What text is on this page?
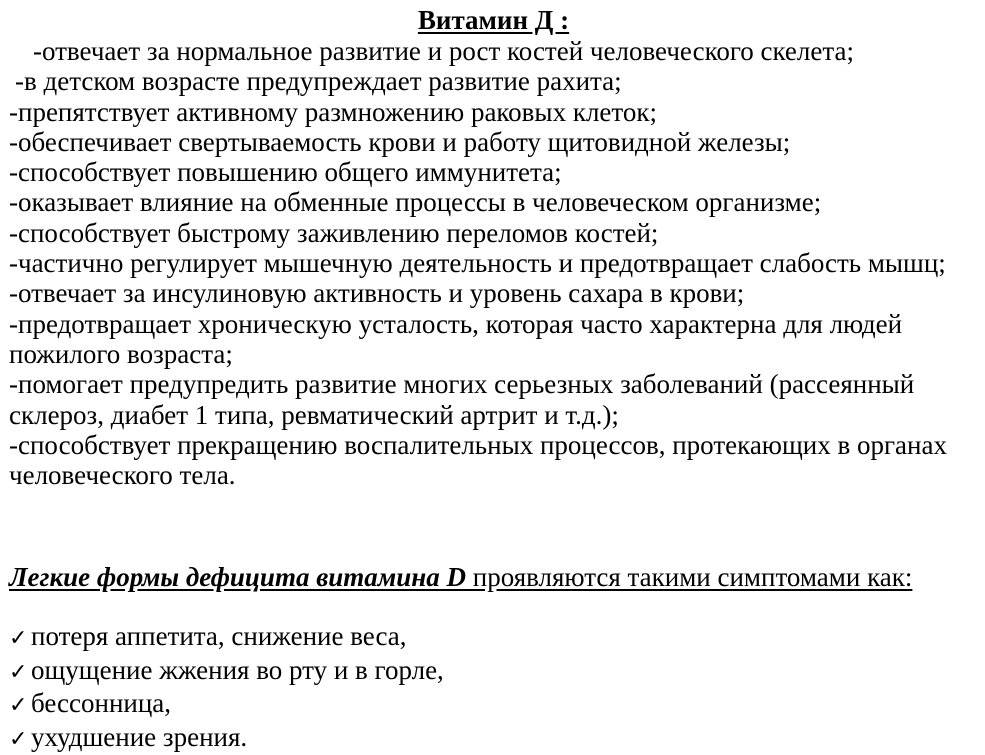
Витамин Д :
-отвечает за нормальное развитие и рост костей человеческого скелета;
-в детском возрасте предупреждает развитие рахита;
-препятствует активному размножению раковых клеток;
-обеспечивает свертываемость крови и работу щитовидной железы;
-способствует повышению общего иммунитета;
-оказывает влияние на обменные процессы в человеческом организме;
-способствует быстрому заживлению переломов костей;
-частично регулирует мышечную деятельность и предотвращает слабость мышц;
-отвечает за инсулиновую активность и уровень сахара в крови;
-предотвращает хроническую усталость, которая часто характерна для людей пожилого возраста;
-помогает предупредить развитие многих серьезных заболеваний (рассеянный склероз, диабет 1 типа, ревматический артрит и т.д.);
-способствует прекращению воспалительных процессов, протекающих в органах человеческого тела.

Легкие формы дефицита витамина D проявляются такими симптомами как:

✓ потеря аппетита, снижение веса,
✓ ощущение жжения во рту и в горле,
✓ бессонница,
✓ ухудшение зрения.
